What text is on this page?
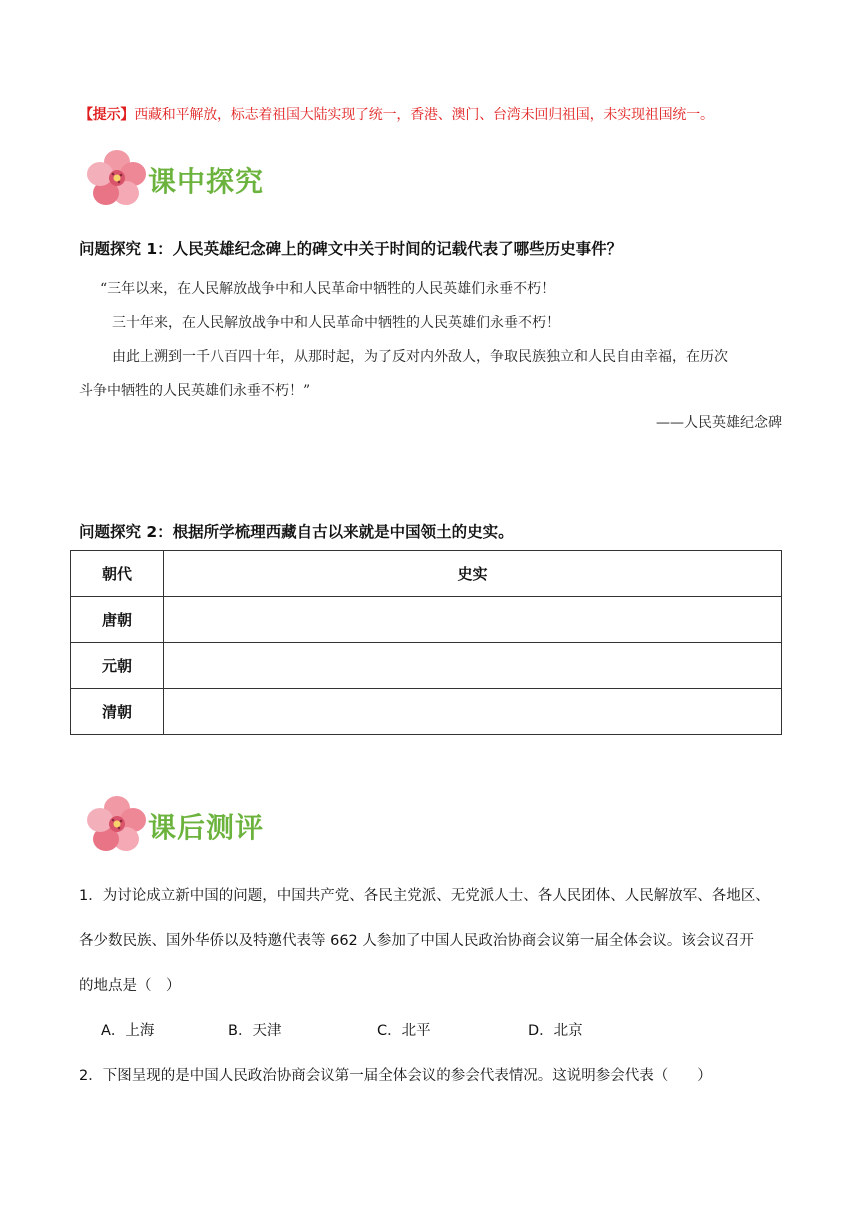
【提示】西藏和平解放，标志着祖国大陆实现了统一，香港、澳门、台湾未回归祖国，未实现祖国统一。
课中探究
问题探究 1：人民英雄纪念碑上的碑文中关于时间的记载代表了哪些历史事件？
“三年以来，在人民解放战争中和人民革命中牺牲的人民英雄们永垂不朽！
三十年来，在人民解放战争中和人民革命中牺牲的人民英雄们永垂不朽！
由此上溯到一千八百四十年，从那时起，为了反对内外敌人，争取民族独立和人民自由幸福，在历次
斗争中牺牲的人民英雄们永垂不朽！”
——人民英雄纪念碑
问题探究 2：根据所学梳理西藏自古以来就是中国领土的史实。
朝代	史实
唐朝	
元朝	
清朝	
课后测评
1．为讨论成立新中国的问题，中国共产党、各民主党派、无党派人士、各人民团体、人民解放军、各地区、
各少数民族、国外华侨以及特邀代表等 662 人参加了中国人民政治协商会议第一届全体会议。该会议召开
的地点是（　）
A．上海	B．天津	C．北平	D．北京
2．下图呈现的是中国人民政治协商会议第一届全体会议的参会代表情况。这说明参会代表（　　）
